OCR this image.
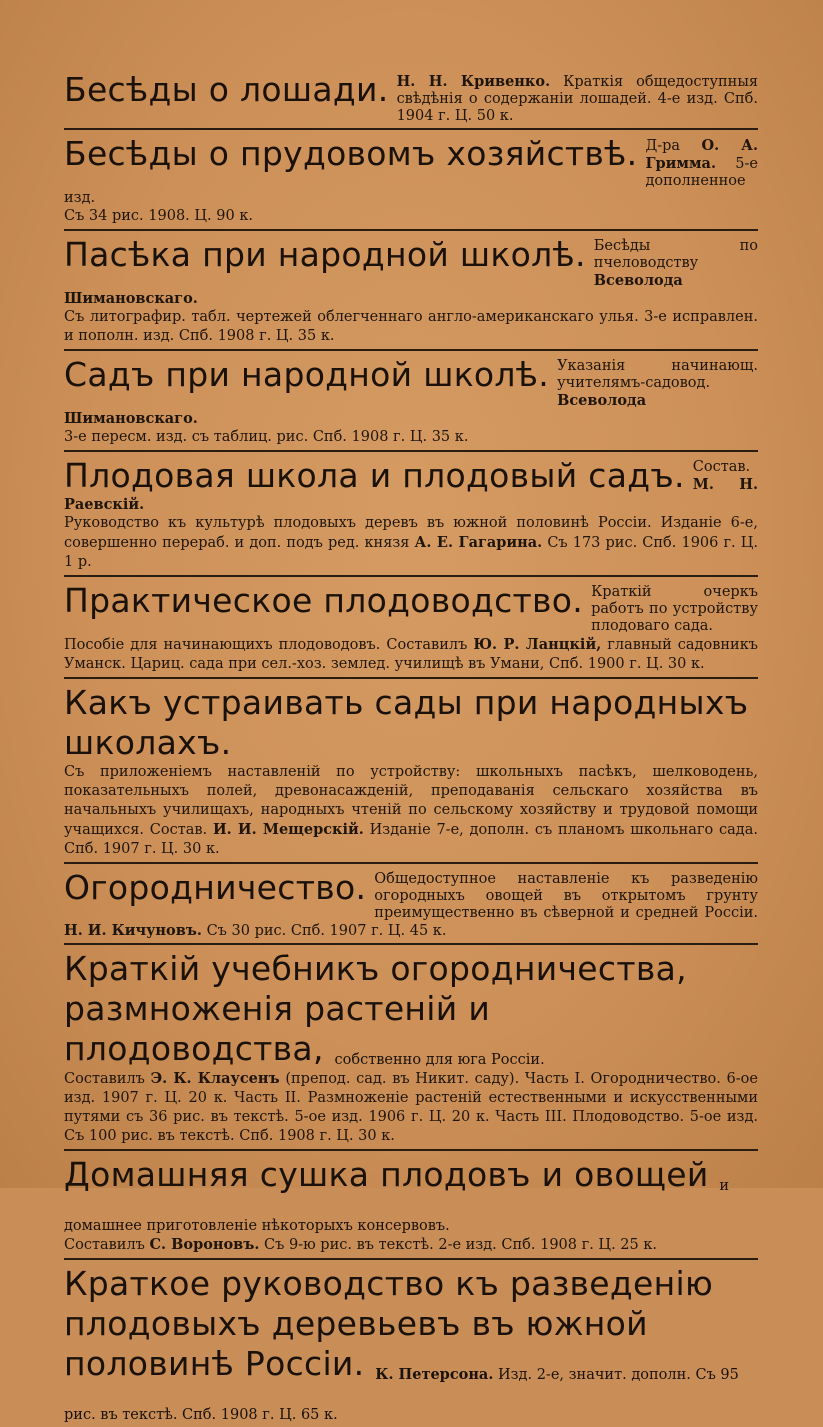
Бесѣды о лошади. Н. Н. Кривенко. Краткія общедоступныя свѣдѣнія о содержаніи лошадей. 4-е изд. Спб. 1904 г. Ц. 50 к.
Бесѣды о прудовомъ хозяйствѣ. Д-ра О. А. Гримма. 5-е дополненное изд.
Съ 34 рис. 1908. Ц. 90 к.
Пасѣка при народной школѣ. Бесѣды по пчеловодству Всеволода Шимановскаго.
Съ литографир. табл. чертежей облегченнаго англо-американскаго улья. 3-е исправлен. и пополн. изд. Спб. 1908 г. Ц. 35 к.
Садъ при народной школѣ. Указанія начинающ. учителямъ-садовод. Всеволода Шимановскаго.
3-е пересм. изд. съ таблиц. рис. Спб. 1908 г. Ц. 35 к.
Плодовая школа и плодовый садъ. Состав. М. Н. Раевскій.
Руководство къ культурѣ плодовыхъ деревъ въ южной половинѣ Россіи. Изданіе 6-е, совершенно перераб. и доп. подъ ред. князя А. Е. Гагарина. Съ 173 рис. Спб. 1906 г. Ц. 1 р.
Практическое плодоводство. Краткій очеркъ работъ по устройству плодоваго сада.
Пособіе для начинающихъ плодоводовъ. Составилъ Ю. Р. Ланцкій, главный садовникъ Уманск. Цариц. сада при сел.-хоз. землед. училищѣ въ Умани, Спб. 1900 г. Ц. 30 к.
Какъ устраивать сады при народныхъ школахъ.
Съ приложеніемъ наставленій по устройству: школьныхъ пасѣкъ, шелководень, показательныхъ полей, древонасажденій, преподаванія сельскаго хозяйства въ начальныхъ училищахъ, народныхъ чтеній по сельскому хозяйству и трудовой помощи учащихся. Состав. И. И. Мещерскій. Изданіе 7-е, дополн. съ планомъ школьнаго сада. Спб. 1907 г. Ц. 30 к.
Огородничество. Общедоступное наставленіе къ разведенію огородныхъ овощей въ открытомъ грунту преимущественно въ сѣверной и средней Россіи. Н. И. Кичуновъ. Съ 30 рис. Спб. 1907 г. Ц. 45 к.
Краткій учебникъ огородничества, размноженія растеній и плодоводства, собственно для юга Россіи.
Составилъ Э. К. Клаусенъ (препод. сад. въ Никит. саду). Часть I. Огородничество. 6-ое изд. 1907 г. Ц. 20 к. Часть II. Размноженіе растеній естественными и искусственными путями съ 36 рис. въ текстѣ. 5-ое изд. 1906 г. Ц. 20 к. Часть III. Плодоводство. 5-ое изд. Съ 100 рис. въ текстѣ. Спб. 1908 г. Ц. 30 к.
Домашняя сушка плодовъ и овощей и домашнее приготовленіе нѣкоторыхъ консервовъ.
Составилъ С. Вороновъ. Съ 9-ю рис. въ текстѣ. 2-е изд. Спб. 1908 г. Ц. 25 к.
Краткое руководство къ разведенію плодовыхъ деревьевъ въ южной половинѣ Россіи. К. Петерсона. Изд. 2-е, значит. дополн. Съ 95 рис. въ текстѣ. Спб. 1908 г. Ц. 65 к.
